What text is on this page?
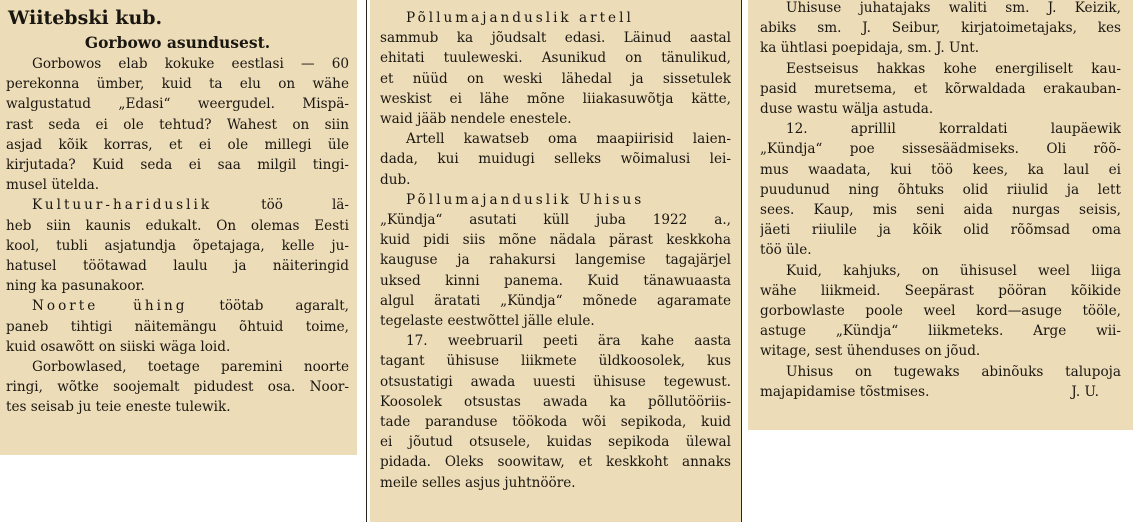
Wiitebski kub.
Gorbowo asundusest.
Gorbowos elab kokuke eestlasi — 60
perekonna ümber, kuid ta elu on wähe
walgustatud „Edasi“ weergudel. Mispä-
rast seda ei ole tehtud? Wahest on siin
asjad kõik korras, et ei ole millegi üle
kirjutada? Kuid seda ei saa milgil tingi-
musel ütelda.
Kultuur-hariduslik töö lä-
heb siin kaunis edukalt. On olemas Eesti
kool, tubli asjatundja õpetajaga, kelle ju-
hatusel töötawad laulu ja näiteringid
ning ka pasunakoor.
Noorte ühing töötab agaralt,
paneb tihtigi näitemängu õhtuid toime,
kuid osawõtt on siiski wäga loid.
Gorbowlased, toetage paremini noorte
ringi, wõtke soojemalt pidudest osa. Noor-
tes seisab ju teie eneste tulewik.
Põllumajanduslik artell
sammub ka jõudsalt edasi. Läinud aastal
ehitati tuuleweski. Asunikud on tänulikud,
et nüüd on weski lähedal ja sissetulek
weskist ei lähe mõne liiakasuwõtja kätte,
waid jääb nendele enestele.
Artell kawatseb oma maapiirisid laien-
dada, kui muidugi selleks wõimalusi lei-
dub.
Põllumajanduslik Uhisus
„Kündja“ asutati küll juba 1922 a.,
kuid pidi siis mõne nädala pärast keskkoha
kauguse ja rahakursi langemise tagajärjel
uksed kinni panema. Kuid tänawuaasta
algul äratati „Kündja“ mõnede agaramate
tegelaste eestwõttel jälle elule.
17. weebruaril peeti ära kahe aasta
tagant ühisuse liikmete üldkoosolek, kus
otsustatigi awada uuesti ühisuse tegewust.
Koosolek otsustas awada ka põllutööriis-
tade paranduse töökoda wõi sepikoda, kuid
ei jõutud otsusele, kuidas sepikoda ülewal
pidada. Oleks soowitaw, et keskkoht annaks
meile selles asjus juhtnööre.
Uhisuse juhatajaks waliti sm. J. Keizik,
abiks sm. J. Seibur, kirjatoimetajaks, kes
ka ühtlasi poepidaja, sm. J. Unt.
Eestseisus hakkas kohe energiliselt kau-
pasid muretsema, et kõrwaldada erakauban-
duse wastu wälja astuda.
12. aprillil korraldati laupäewik
„Kündja“ poe sissesäädmiseks. Oli rõõ-
mus waadata, kui töö kees, ka laul ei
puudunud ning õhtuks olid riiulid ja lett
sees. Kaup, mis seni aida nurgas seisis,
jäeti riiulile ja kõik olid rõõmsad oma
töö üle.
Kuid, kahjuks, on ühisusel weel liiga
wähe liikmeid. Seepärast pööran kõikide
gorbowlaste poole weel kord—asuge tööle,
astuge „Kündja“ liikmeteks. Arge wii-
witage, sest ühenduses on jõud.
Uhisus on tugewaks abinõuks talupoja
majapidamise tõstmises.	J. U.
